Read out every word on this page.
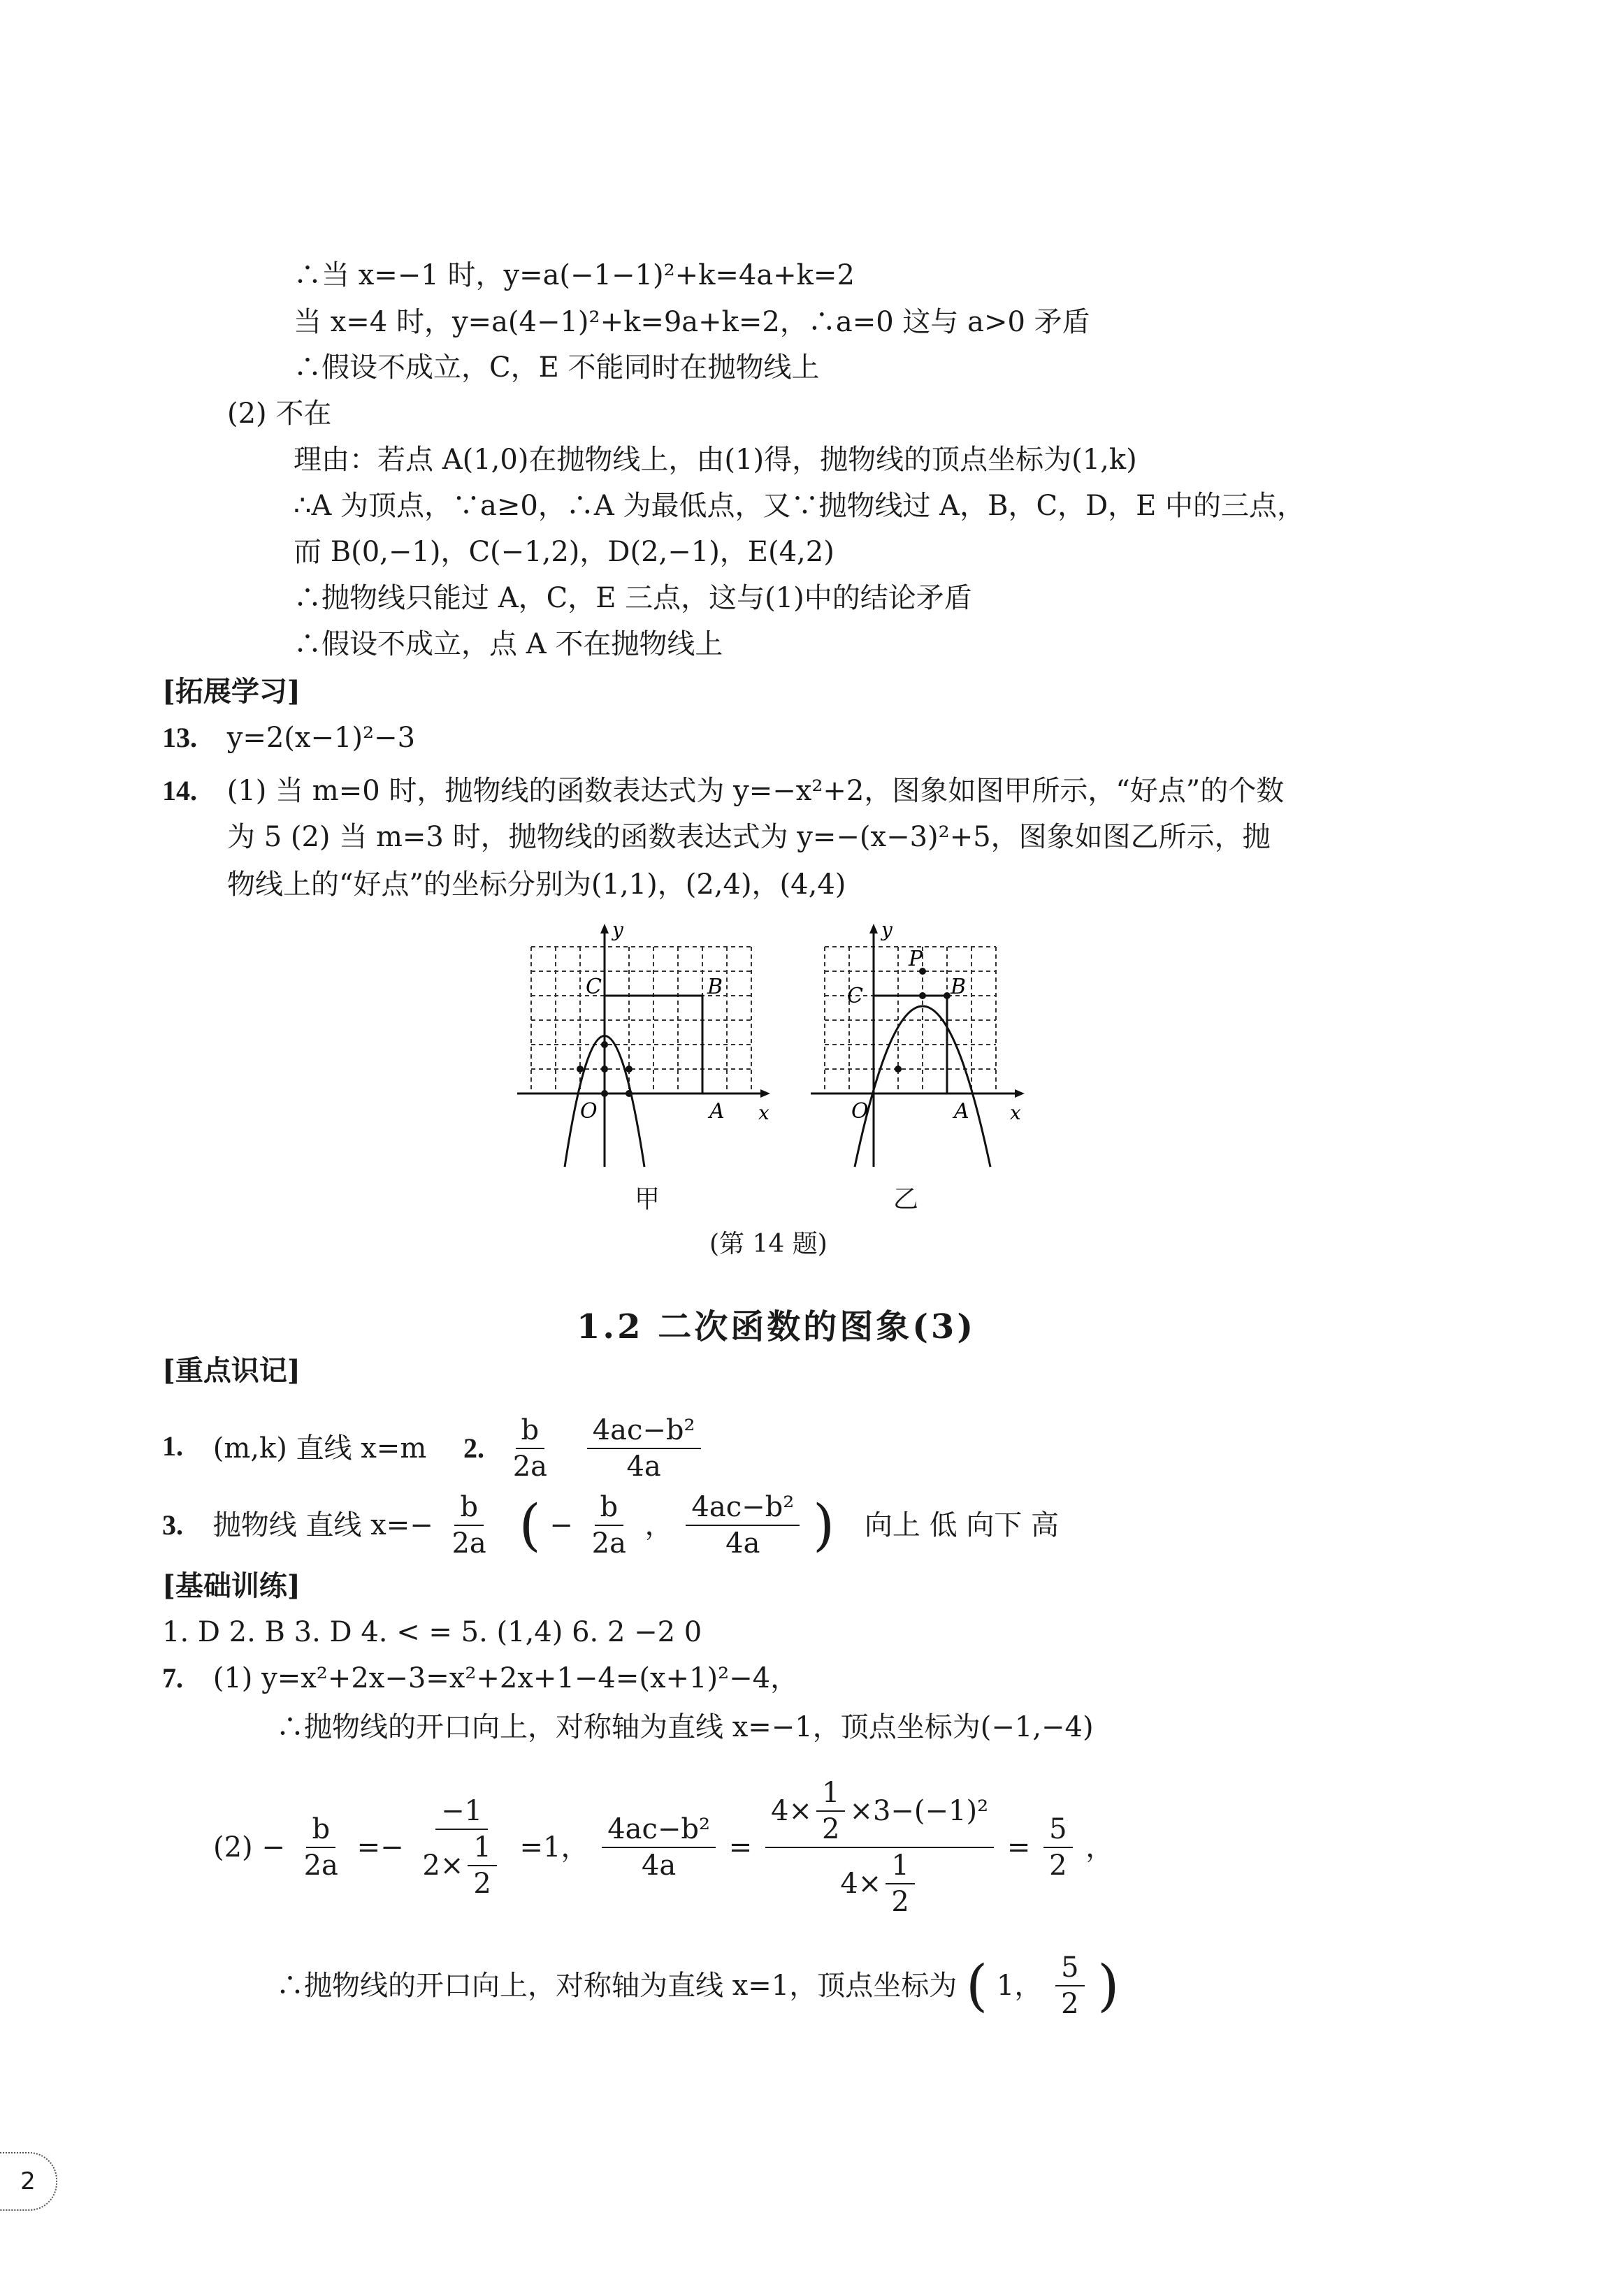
∴当 x=−1 时，y=a(−1−1)²+k=4a+k=2
当 x=4 时，y=a(4−1)²+k=9a+k=2，∴a=0 这与 a>0 矛盾
∴假设不成立，C，E 不能同时在抛物线上
(2) 不在
理由：若点 A(1,0)在抛物线上，由(1)得，抛物线的顶点坐标为(1,k)
∴A 为顶点，∵a≥0，∴A 为最低点，又∵抛物线过 A，B，C，D，E 中的三点，
而 B(0,−1)，C(−1,2)，D(2,−1)，E(4,2)
∴抛物线只能过 A，C，E 三点，这与(1)中的结论矛盾
∴假设不成立，点 A 不在抛物线上
[拓展学习]
13. y=2(x−1)²−3
14. (1) 当 m=0 时，抛物线的函数表达式为 y=−x²+2，图象如图甲所示，“好点”的个数
为 5 (2) 当 m=3 时，抛物线的函数表达式为 y=−(x−3)²+5，图象如图乙所示，抛
物线上的“好点”的坐标分别为(1,1)，(2,4)，(4,4)
y
x
O	A
B
C
甲
y
x
O	A
B
C
P
乙
(第 14 题)
1.2 二次函数的图象(3)
[重点识记]
1. (m,k) 直线 x=m 2. $\frac{b}{2a}$
$\frac{\text{4ac−b²}}{4a}$
3. 抛物线 直线 $x=- \frac{b}{2a}$ ( − $\frac{b}{2a}$ ， $\frac{\text{4ac−b²}}{4a}$ ) 向上 低 向下 高
[基础训练]
1. D 2. B 3. D 4. < = 5. (1,4) 6. 2 −2 0
7. (1) y=x²+2x−3=x²+2x+1−4=(x+1)²−4，
∴抛物线的开口向上，对称轴为直线 x=−1，顶点坐标为(−1,−4)
$(2) - \frac{b}{2a} =- \frac{-1}{2\times \frac{1}{2}} =1$， $\frac{\text{4ac−b²}}{4a} = \frac{4\times \frac{1}{2} \times 3-(-1)^2}{4\times \frac{1}{2}} = \frac{5}{2}$ ，
∴抛物线的开口向上，对称轴为直线 x=1，顶点坐标为 ( 1， $\frac{5}{2}$ )
2
